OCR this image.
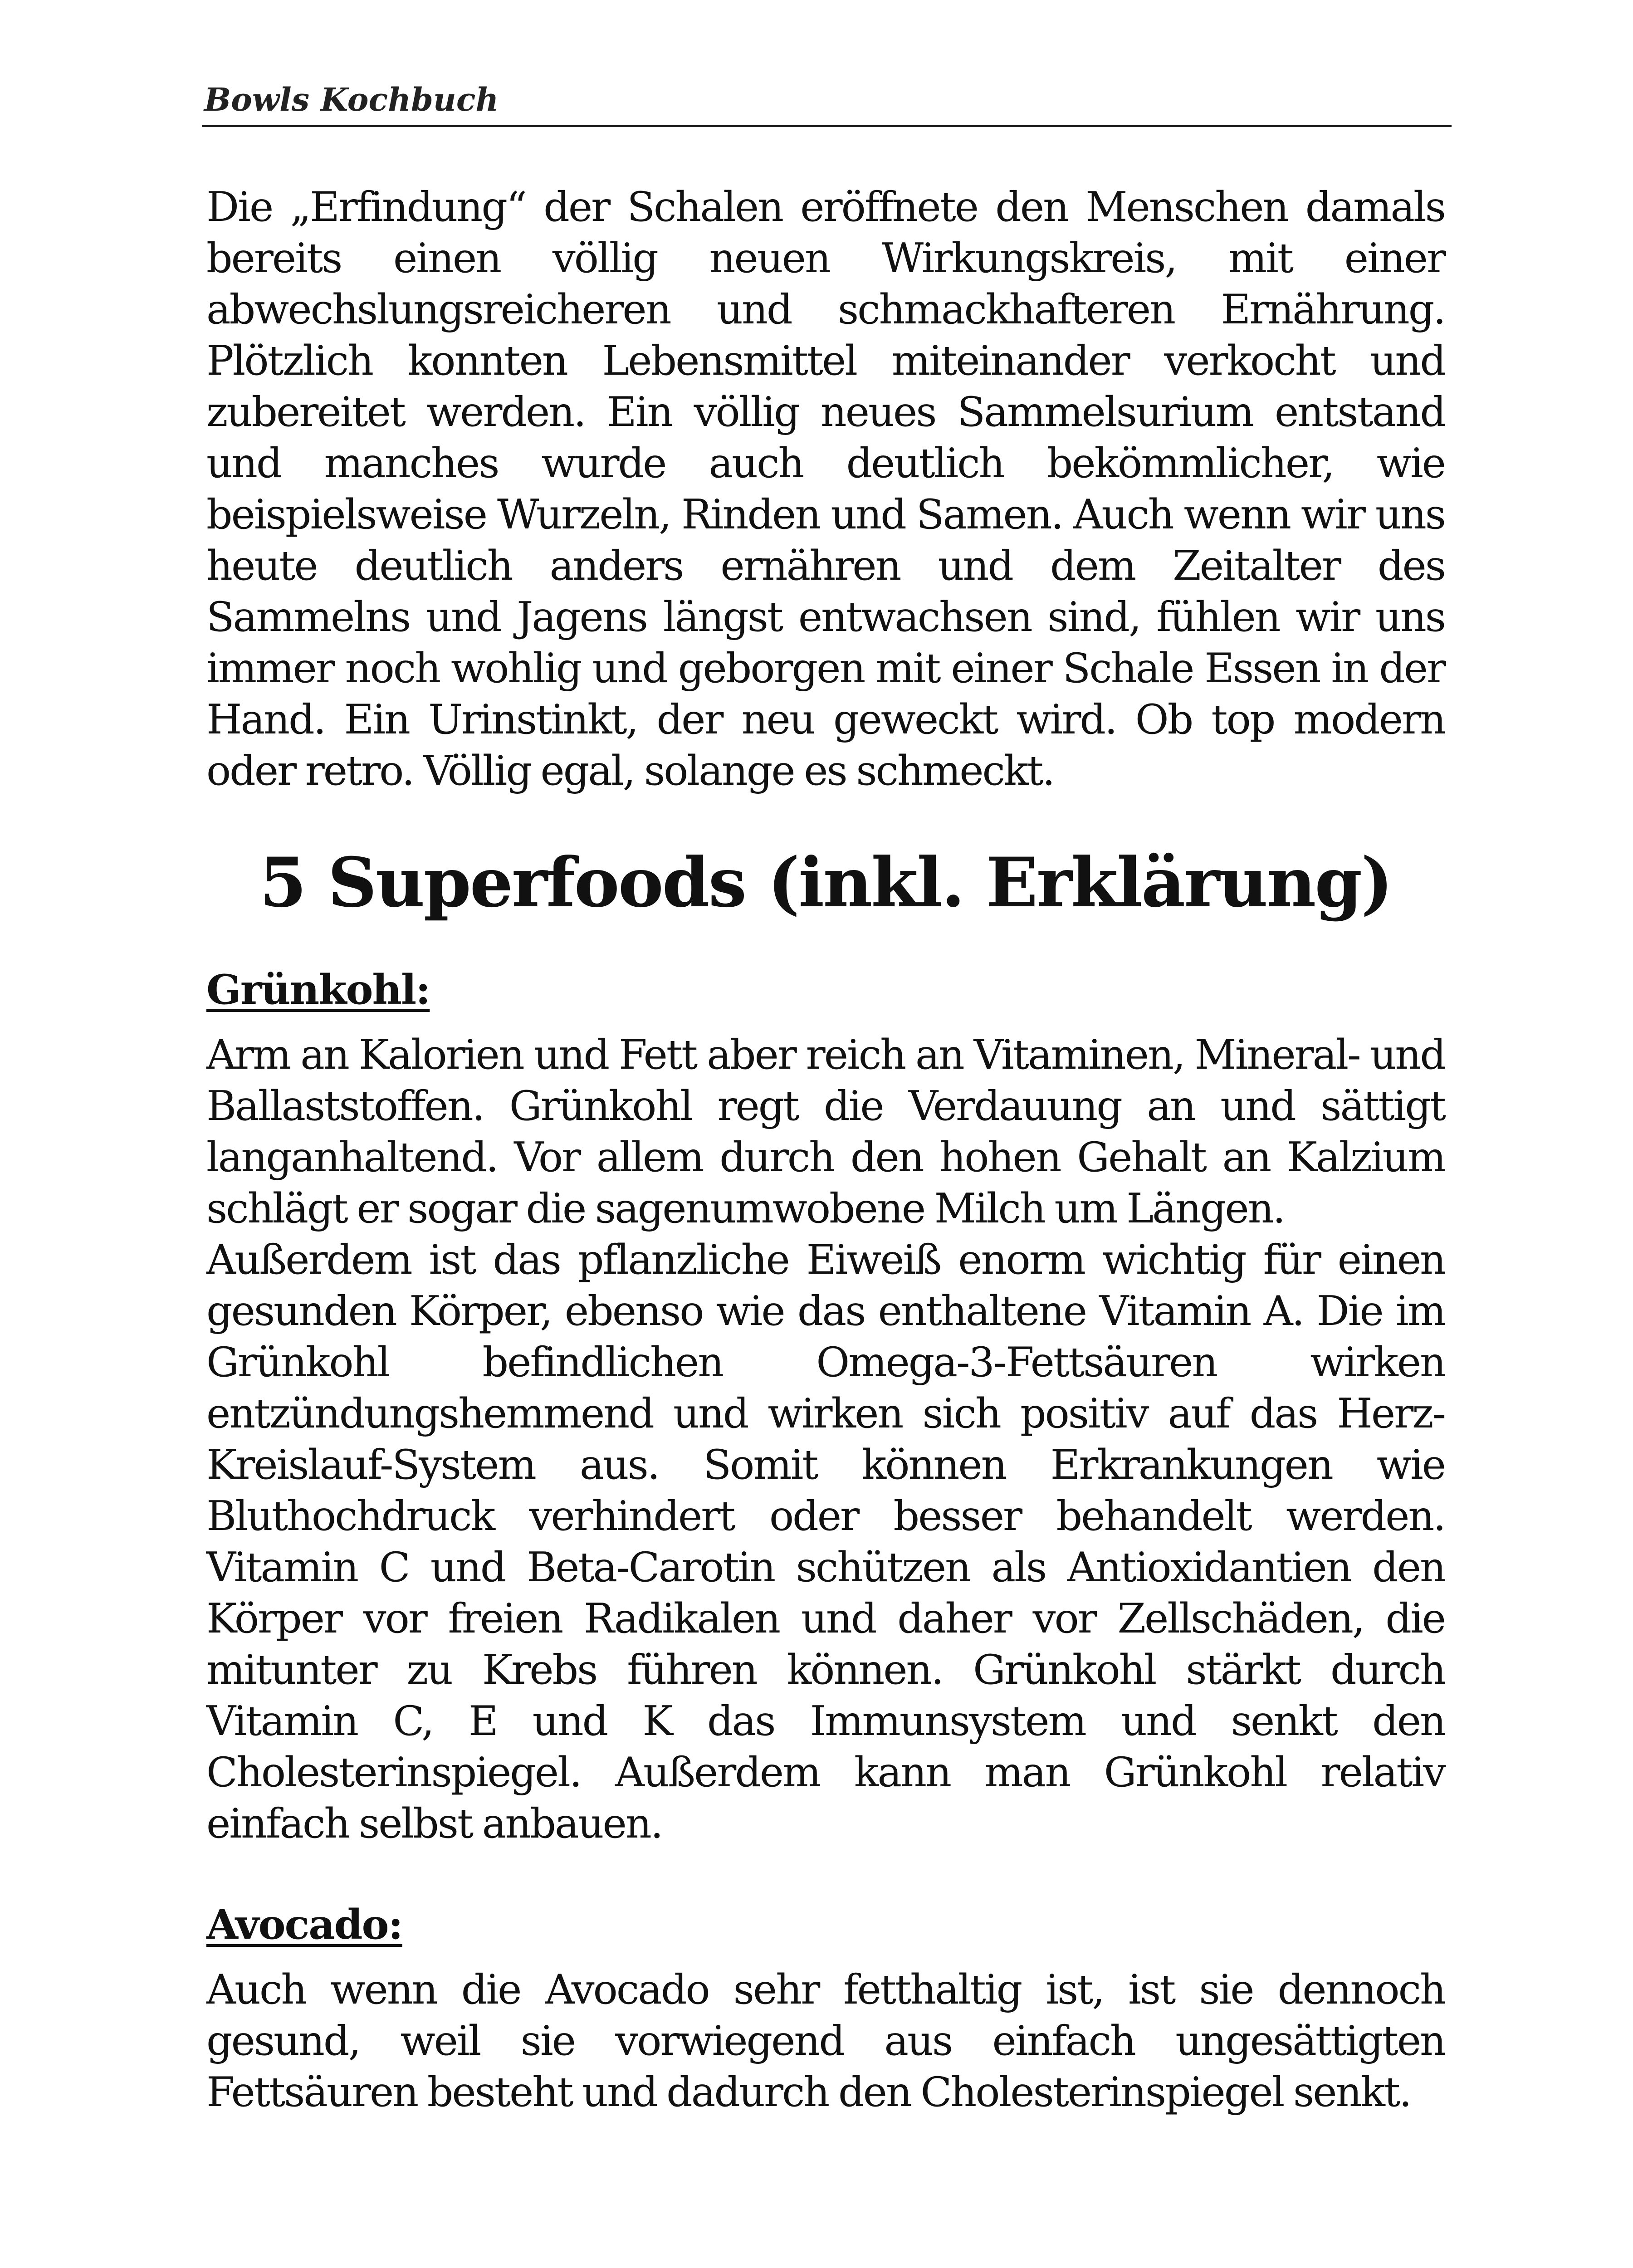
Bowls Kochbuch

Die „Erfindung“ der Schalen eröffnete den Menschen damals bereits einen völlig neuen Wirkungskreis, mit einer abwechslungsreicheren und schmackhafteren Ernährung. Plötzlich konnten Lebensmittel miteinander verkocht und zubereitet werden. Ein völlig neues Sammelsurium entstand und manches wurde auch deutlich bekömmlicher, wie beispielsweise Wurzeln, Rinden und Samen. Auch wenn wir uns heute deutlich anders ernähren und dem Zeitalter des Sammelns und Jagens längst entwachsen sind, fühlen wir uns immer noch wohlig und geborgen mit einer Schale Essen in der Hand. Ein Urinstinkt, der neu geweckt wird. Ob top modern oder retro. Völlig egal, solange es schmeckt.

5 Superfoods (inkl. Erklärung)
Grünkohl:

Arm an Kalorien und Fett aber reich an Vitaminen, Mineral- und Ballaststoffen. Grünkohl regt die Verdauung an und sättigt langanhaltend. Vor allem durch den hohen Gehalt an Kalzium schlägt er sogar die sagenumwobene Milch um Längen.

Außerdem ist das pflanzliche Eiweiß enorm wichtig für einen gesunden Körper, ebenso wie das enthaltene Vitamin A. Die im Grünkohl befindlichen Omega-3-Fettsäuren wirken entzündungshemmend und wirken sich positiv auf das Herz-Kreislauf-System aus. Somit können Erkrankungen wie Bluthochdruck verhindert oder besser behandelt werden. Vitamin C und Beta-Carotin schützen als Antioxidantien den Körper vor freien Radikalen und daher vor Zellschäden, die mitunter zu Krebs führen können. Grünkohl stärkt durch Vitamin C, E und K das Immunsystem und senkt den Cholesterinspiegel. Außerdem kann man Grünkohl relativ einfach selbst anbauen.

Avocado:

Auch wenn die Avocado sehr fetthaltig ist, ist sie dennoch gesund, weil sie vorwiegend aus einfach ungesättigten Fettsäuren besteht und dadurch den Cholesterinspiegel senkt.
